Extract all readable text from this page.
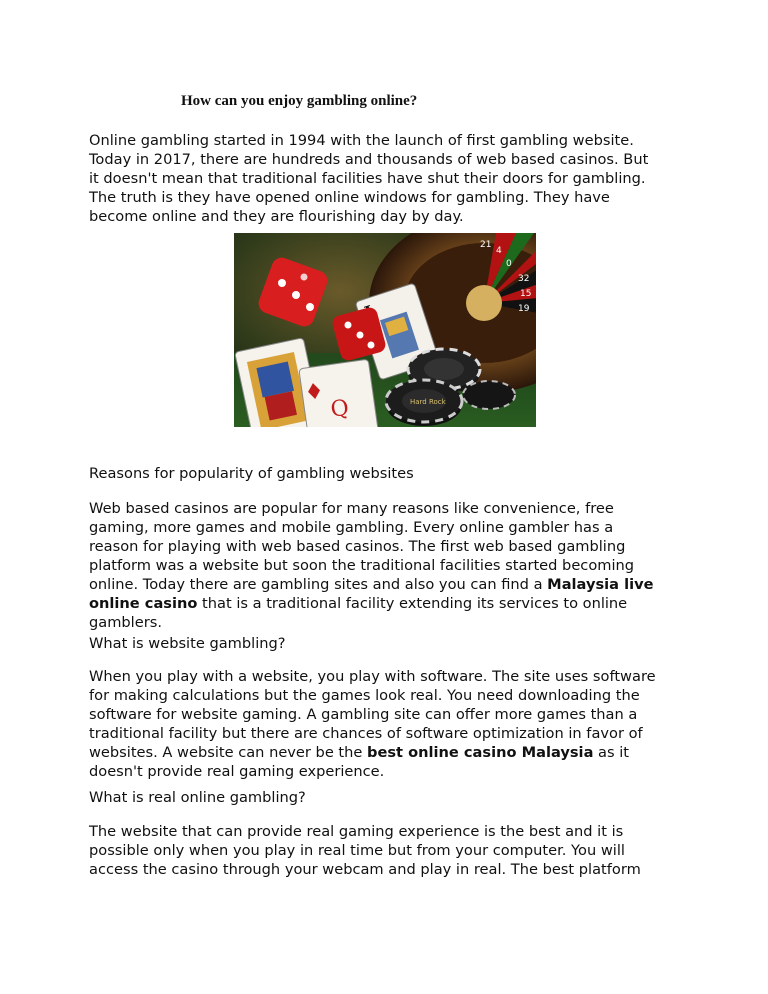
How can you enjoy gambling online?

Online gambling started in 1994 with the launch of first gambling website.
Today in 2017, there are hundreds and thousands of web based casinos. But
it doesn't mean that traditional facilities have shut their doors for gambling.
The truth is they have opened online windows for gambling. They have
become online and they are flourishing day by day.

0
32
15
19
4
21
Q	Hard Rock
Reasons for popularity of gambling websites

Web based casinos are popular for many reasons like convenience, free
gaming, more games and mobile gambling. Every online gambler has a
reason for playing with web based casinos. The first web based gambling
platform was a website but soon the traditional facilities started becoming
online. Today there are gambling sites and also you can find a Malaysia live
online casino that is a traditional facility extending its services to online
gamblers.

What is website gambling?

When you play with a website, you play with software. The site uses software
for making calculations but the games look real. You need downloading the
software for website gaming. A gambling site can offer more games than a
traditional facility but there are chances of software optimization in favor of
websites. A website can never be the best online casino Malaysia as it
doesn't provide real gaming experience.

What is real online gambling?

The website that can provide real gaming experience is the best and it is
possible only when you play in real time but from your computer. You will
access the casino through your webcam and play in real. The best platform
